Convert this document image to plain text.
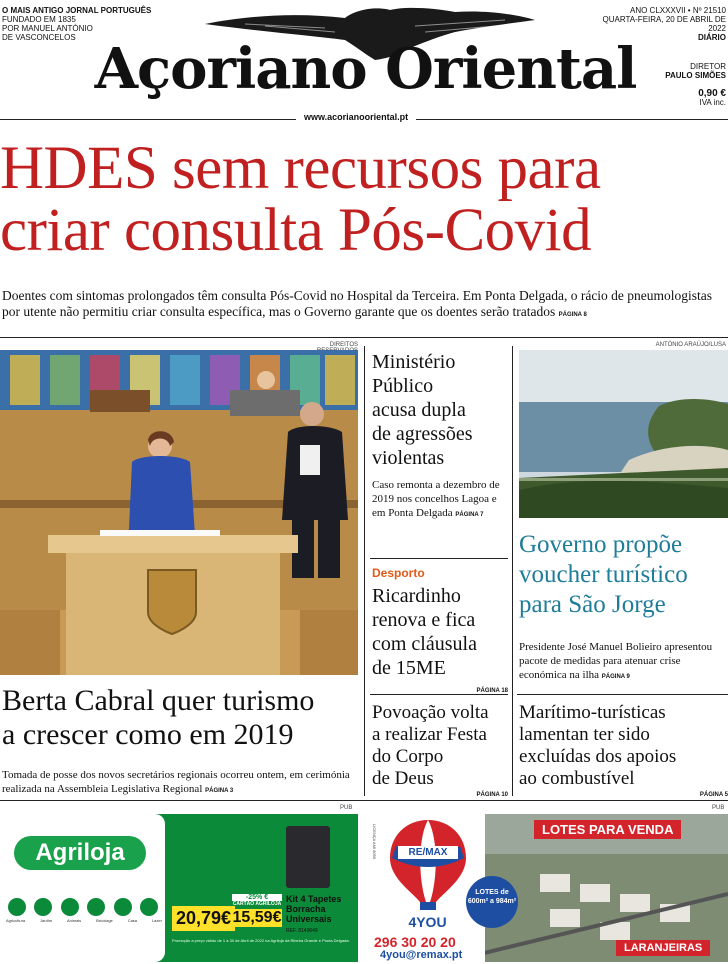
O MAIS ANTIGO JORNAL PORTUGUÊS
FUNDADO EM 1835
POR MANUEL ANTÓNIO
DE VASCONCELOS Açoriano Oriental
ANO CLXXXVII • Nº 21510
QUARTA-FEIRA, 20 DE ABRIL DE 2022
DIÁRIO
DIRETOR
PAULO SIMÕES
0,90 €
IVA inc.
www.acorianooriental.pt
HDES sem recursos para
criar consulta Pós-Covid
Doentes com sintomas prolongados têm consulta Pós-Covid no Hospital da Terceira. Em Ponta Delgada, o rácio de pneumologistas por utente não permitiu criar consulta específica, mas o Governo garante que os doentes serão tratados PÁGINA 8
DIREITOS
Berta Cabral quer turismo
a crescer como em 2019
Tomada de posse dos novos secretários regionais ocorreu ontem, em cerimónia realizada na Assembleia Legislativa Regional PÁGINA 3
Ministério
Público
acusa dupla
de agressões
violentas
Caso remonta a dezembro de 2019 nos concelhos Lagoa e em Ponta Delgada PÁGINA 7
Desporto
Ricardinho
renova e fica
com cláusula
de 15ME
PÁGINA 18
Povoação volta
a realizar Festa
do Corpo
de Deus
PÁGINA 10
ANTÓNIO ARAÚJO/LUSA
Governo propõe
voucher turístico
para São Jorge
Presidente José Manuel Bolieiro apresentou pacote de medidas para atenuar crise económica na ilha PÁGINA 9
Marítimo-turísticas
lamentan ter sido
excluídas dos apoios
ao combustível
PÁGINA 5
PUB	PUB
Agriloja
Agricultura	Jardim	Animais	Bricolage	Casa	Lazer 20,79€
-25% €
CARTÃO AGRILOJA
15,59€
Kit 4 Tapetes Borracha Universais
REF. 8149649
Promoção a preço válido de 1 a 30 de Abril de 2022 na Agriloja da Ribeira Grande e Ponta Delgada.
LICENÇA AMI 8055	RE/MAX
4YOU
LOTES PARA VENDA
LOTES de 600m² a 984m²
296 30 20 20
4you@remax.pt
LARANJEIRAS
